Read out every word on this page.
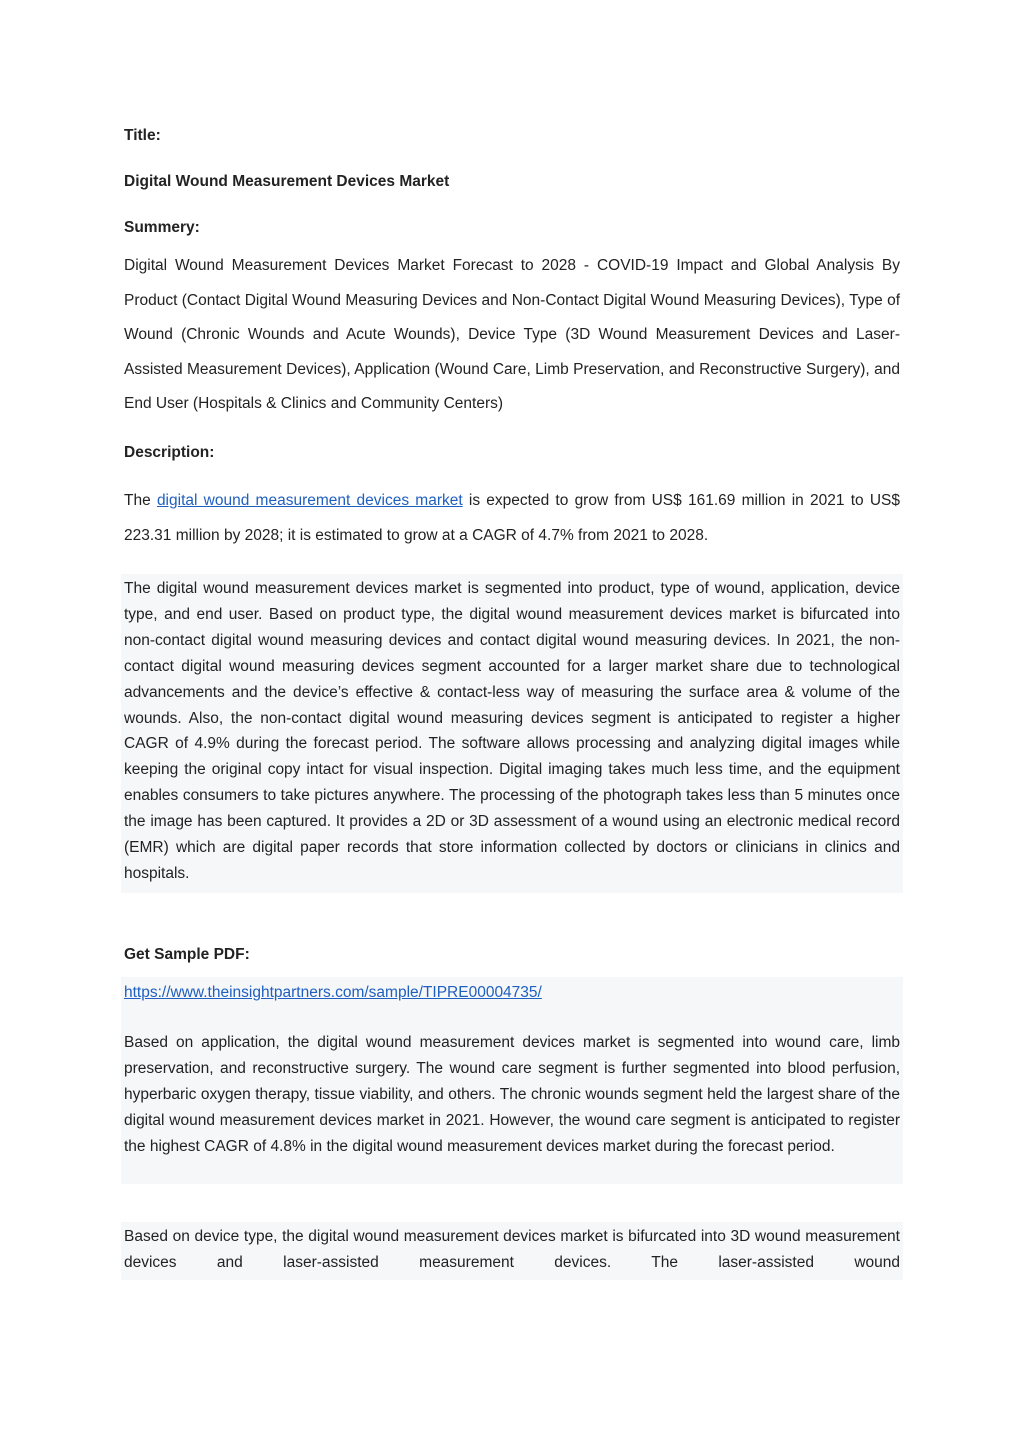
Title:

Digital Wound Measurement Devices Market

Summery:

Digital Wound Measurement Devices Market Forecast to 2028 - COVID-19 Impact and Global Analysis By Product (Contact Digital Wound Measuring Devices and Non-Contact Digital Wound Measuring Devices), Type of Wound (Chronic Wounds and Acute Wounds), Device Type (3D Wound Measurement Devices and Laser-Assisted Measurement Devices), Application (Wound Care, Limb Preservation, and Reconstructive Surgery), and End User (Hospitals & Clinics and Community Centers)

Description:

The digital wound measurement devices market is expected to grow from US$ 161.69 million in 2021 to US$ 223.31 million by 2028; it is estimated to grow at a CAGR of 4.7% from 2021 to 2028.

The digital wound measurement devices market is segmented into product, type of wound, application, device type, and end user. Based on product type, the digital wound measurement devices market is bifurcated into non-contact digital wound measuring devices and contact digital wound measuring devices. In 2021, the non-contact digital wound measuring devices segment accounted for a larger market share due to technological advancements and the device’s effective & contact-less way of measuring the surface area & volume of the wounds. Also, the non-contact digital wound measuring devices segment is anticipated to register a higher CAGR of 4.9% during the forecast period. The software allows processing and analyzing digital images while keeping the original copy intact for visual inspection. Digital imaging takes much less time, and the equipment enables consumers to take pictures anywhere. The processing of the photograph takes less than 5 minutes once the image has been captured. It provides a 2D or 3D assessment of a wound using an electronic medical record (EMR) which are digital paper records that store information collected by doctors or clinicians in clinics and hospitals.

Get Sample PDF:

https://www.theinsightpartners.com/sample/TIPRE00004735/

Based on application, the digital wound measurement devices market is segmented into wound care, limb preservation, and reconstructive surgery. The wound care segment is further segmented into blood perfusion, hyperbaric oxygen therapy, tissue viability, and others. The chronic wounds segment held the largest share of the digital wound measurement devices market in 2021. However, the wound care segment is anticipated to register the highest CAGR of 4.8% in the digital wound measurement devices market during the forecast period.

Based on device type, the digital wound measurement devices market is bifurcated into 3D wound measurement devices and laser-assisted measurement devices. The laser-assisted wound
